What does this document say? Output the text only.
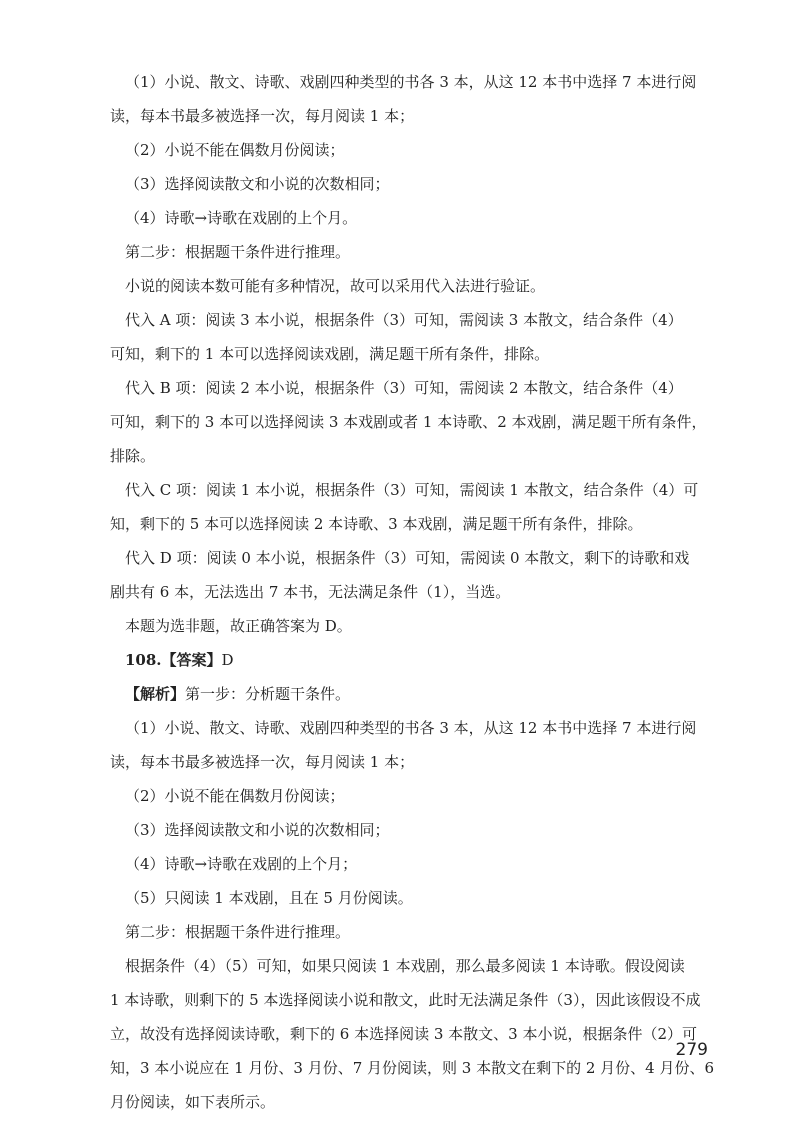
（1）小说、散文、诗歌、戏剧四种类型的书各 3 本，从这 12 本书中选择 7 本进行阅
读，每本书最多被选择一次，每月阅读 1 本；
（2）小说不能在偶数月份阅读；
（3）选择阅读散文和小说的次数相同；
（4）诗歌→诗歌在戏剧的上个月。
第二步：根据题干条件进行推理。
小说的阅读本数可能有多种情况，故可以采用代入法进行验证。
代入 A 项：阅读 3 本小说，根据条件（3）可知，需阅读 3 本散文，结合条件（4）
可知，剩下的 1 本可以选择阅读戏剧，满足题干所有条件，排除。
代入 B 项：阅读 2 本小说，根据条件（3）可知，需阅读 2 本散文，结合条件（4）
可知，剩下的 3 本可以选择阅读 3 本戏剧或者 1 本诗歌、2 本戏剧，满足题干所有条件，
排除。
代入 C 项：阅读 1 本小说，根据条件（3）可知，需阅读 1 本散文，结合条件（4）可
知，剩下的 5 本可以选择阅读 2 本诗歌、3 本戏剧，满足题干所有条件，排除。
代入 D 项：阅读 0 本小说，根据条件（3）可知，需阅读 0 本散文，剩下的诗歌和戏
剧共有 6 本，无法选出 7 本书，无法满足条件（1），当选。
本题为选非题，故正确答案为 D。
108.【答案】D
【解析】第一步：分析题干条件。
（1）小说、散文、诗歌、戏剧四种类型的书各 3 本，从这 12 本书中选择 7 本进行阅
读，每本书最多被选择一次，每月阅读 1 本；
（2）小说不能在偶数月份阅读；
（3）选择阅读散文和小说的次数相同；
（4）诗歌→诗歌在戏剧的上个月；
（5）只阅读 1 本戏剧，且在 5 月份阅读。
第二步：根据题干条件进行推理。
根据条件（4）（5）可知，如果只阅读 1 本戏剧，那么最多阅读 1 本诗歌。假设阅读
1 本诗歌，则剩下的 5 本选择阅读小说和散文，此时无法满足条件（3），因此该假设不成
立，故没有选择阅读诗歌，剩下的 6 本选择阅读 3 本散文、3 本小说，根据条件（2）可
知，3 本小说应在 1 月份、3 月份、7 月份阅读，则 3 本散文在剩下的 2 月份、4 月份、6
月份阅读，如下表所示。
279
